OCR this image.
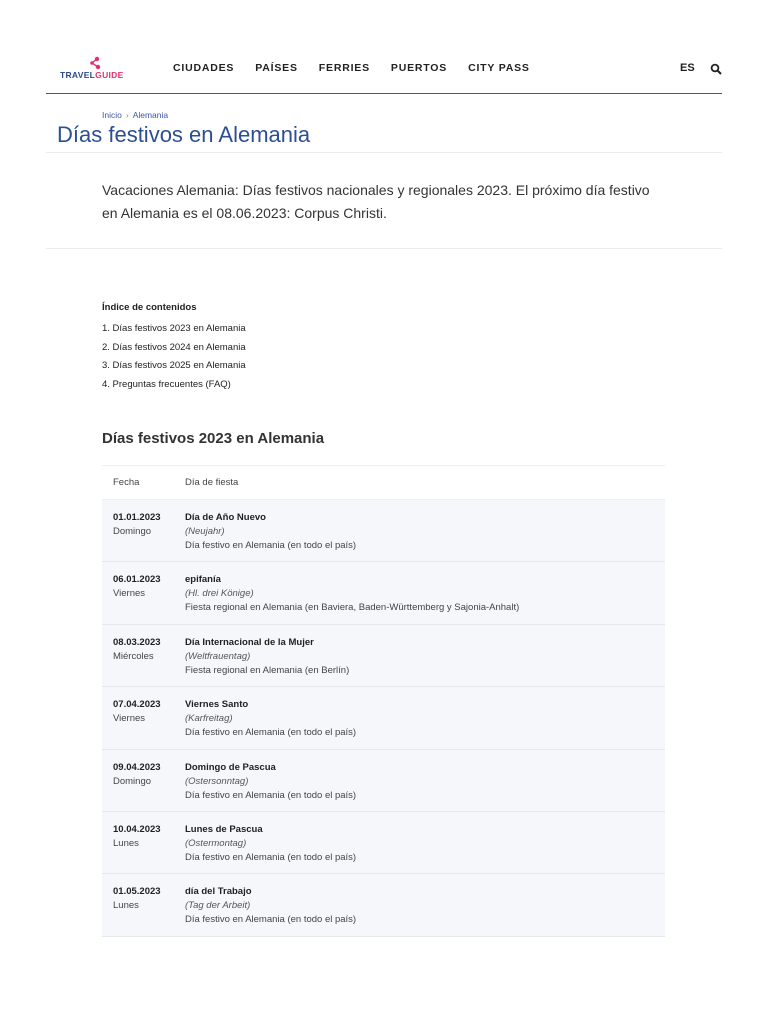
TRAVELGUIDE
CIUDADES PAÍSES FERRIES PUERTOS CITY PASS	ES
Inicio › Alemania
Días festivos en Alemania

Vacaciones Alemania: Días festivos nacionales y regionales 2023. El próximo día festivo en Alemania es el 08.06.2023: Corpus Christi.

Índice de contenidos
1. Días festivos 2023 en Alemania
2. Días festivos 2024 en Alemania
3. Días festivos 2025 en Alemania
4. Preguntas frecuentes (FAQ)
Días festivos 2023 en Alemania
Fecha	Día de fiesta
01.01.2023
Domingo
Día de Año Nuevo
(Neujahr)
Día festivo en Alemania (en todo el país)
06.01.2023
Viernes
epifanía
(Hl. drei Könige)
Fiesta regional en Alemania (en Baviera, Baden-Württemberg y Sajonia-Anhalt)
08.03.2023
Miércoles
Día Internacional de la Mujer
(Weltfrauentag)
Fiesta regional en Alemania (en Berlín)
07.04.2023
Viernes
Viernes Santo
(Karfreitag)
Día festivo en Alemania (en todo el país)
09.04.2023
Domingo
Domingo de Pascua
(Ostersonntag)
Día festivo en Alemania (en todo el país)
10.04.2023
Lunes
Lunes de Pascua
(Ostermontag)
Día festivo en Alemania (en todo el país)
01.05.2023
Lunes
día del Trabajo
(Tag der Arbeit)
Día festivo en Alemania (en todo el país)
